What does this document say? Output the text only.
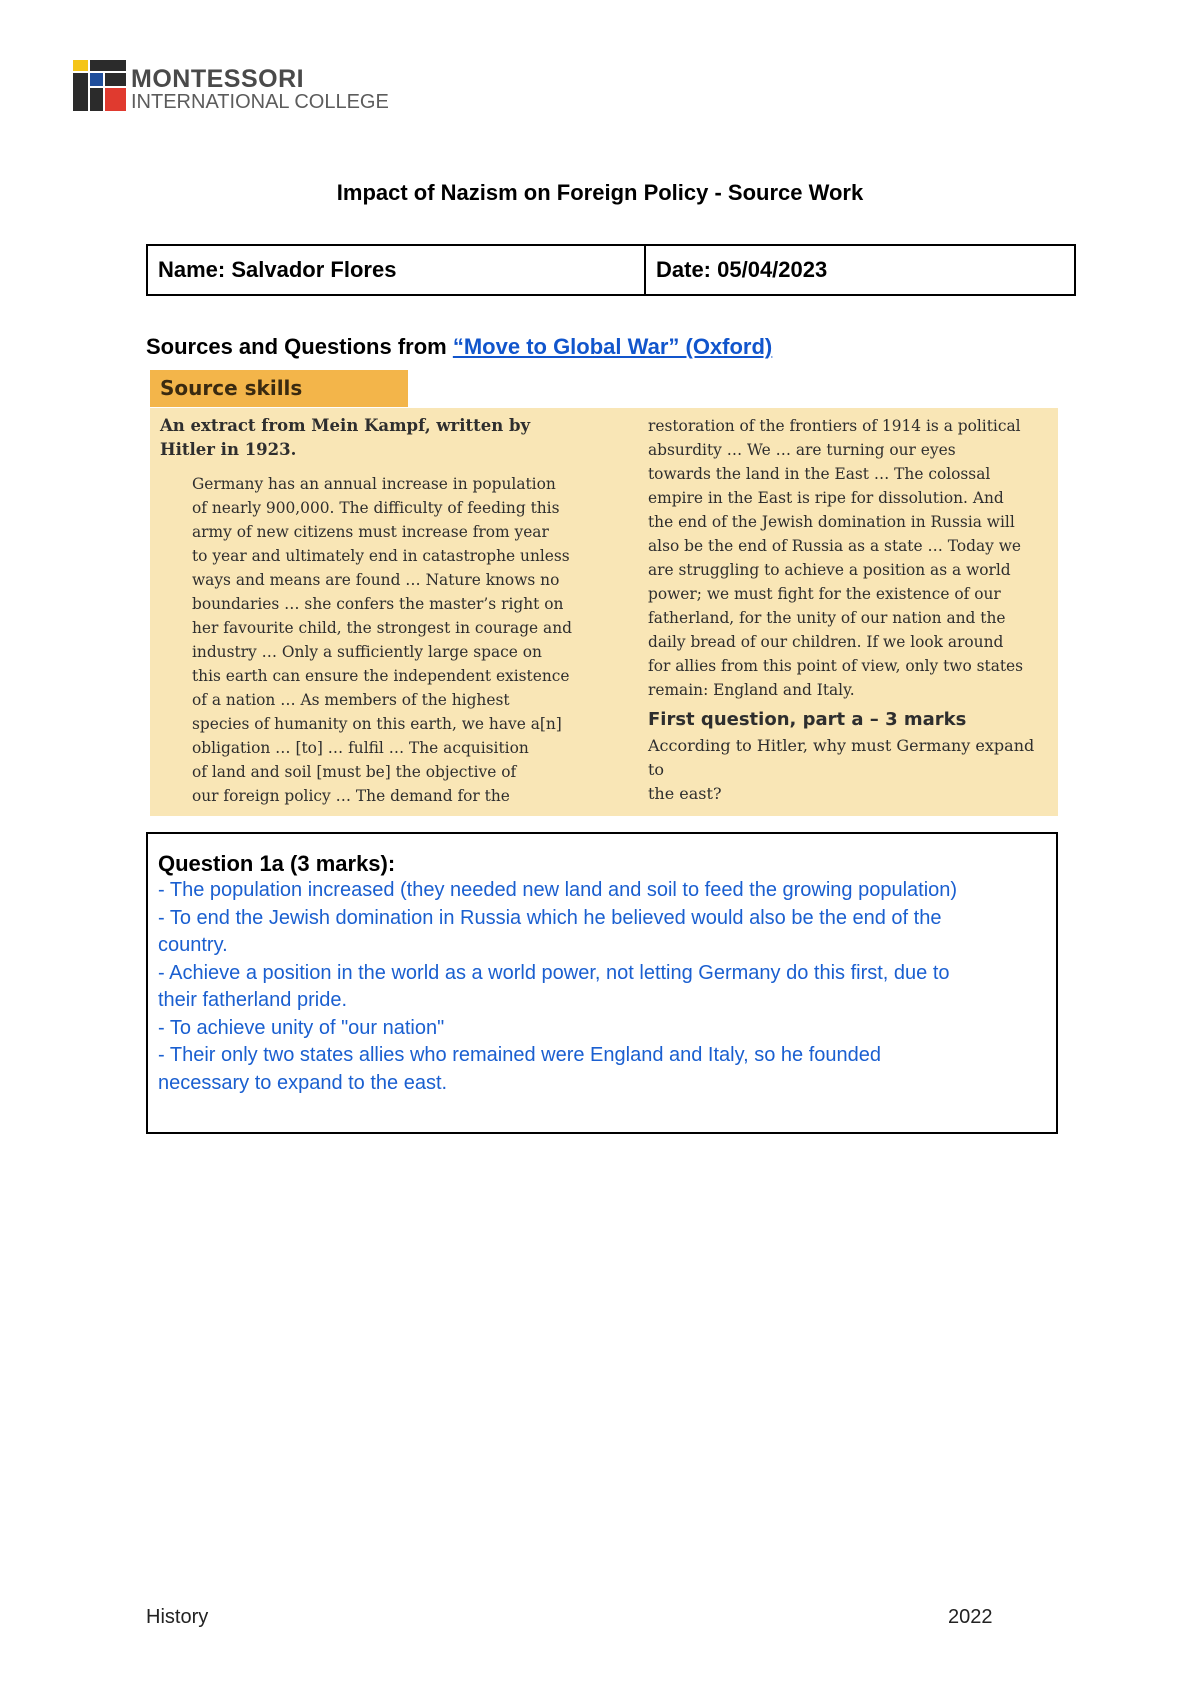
MONTESSORI
INTERNATIONAL COLLEGE
Impact of Nazism on Foreign Policy - Source Work
Name: Salvador Flores	Date: 05/04/2023
Sources and Questions from “Move to Global War” (Oxford)
Source skills

An extract from Mein Kampf, written by Hitler in 1923.

Germany has an annual increase in population
of nearly 900,000. The difficulty of feeding this
army of new citizens must increase from year
to year and ultimately end in catastrophe unless
ways and means are found … Nature knows no
boundaries … she confers the master’s right on
her favourite child, the strongest in courage and
industry … Only a sufficiently large space on
this earth can ensure the independent existence
of a nation … As members of the highest
species of humanity on this earth, we have a[n]
obligation … [to] … fulfil … The acquisition
of land and soil [must be] the objective of
our foreign policy … The demand for the
restoration of the frontiers of 1914 is a political
absurdity … We … are turning our eyes
towards the land in the East … The colossal
empire in the East is ripe for dissolution. And
the end of the Jewish domination in Russia will
also be the end of Russia as a state … Today we
are struggling to achieve a position as a world
power; we must fight for the existence of our
fatherland, for the unity of our nation and the
daily bread of our children. If we look around
for allies from this point of view, only two states
remain: England and Italy.
First question, part a – 3 marks
According to Hitler, why must Germany expand to
the east?
Question 1a (3 marks):
- The population increased (they needed new land and soil to feed the growing population)
- To end the Jewish domination in Russia which he believed would also be the end of the
country.
- Achieve a position in the world as a world power, not letting Germany do this first, due to
their fatherland pride.
- To achieve unity of "our nation"
- Their only two states allies who remained were England and Italy, so he founded
necessary to expand to the east.
History	2022
